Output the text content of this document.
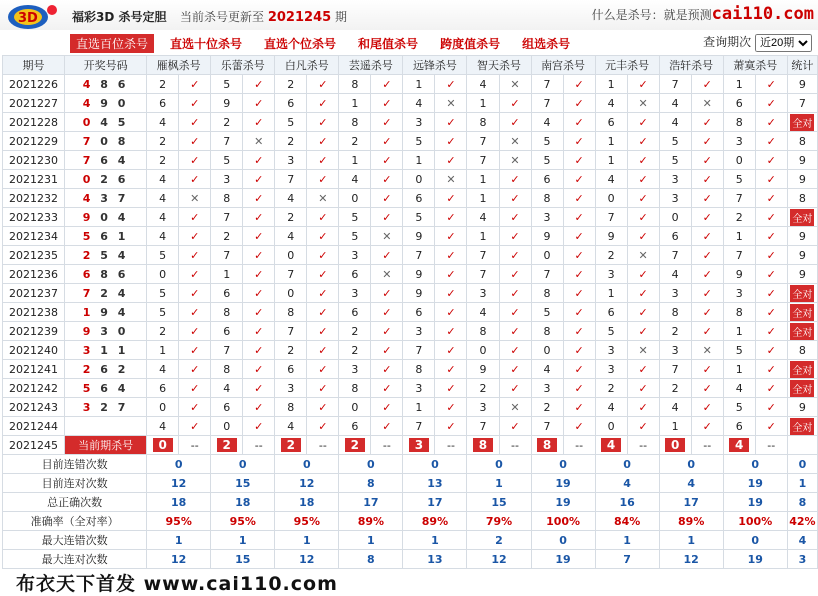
3D	福彩3D 杀号定胆 当前杀号更新至 2021245 期	什么是杀号：就是预测cai110.com
直选百位杀号 直选十位杀号 直选个位杀号 和尾值杀号 跨度值杀号 组选杀号	查询期次
近20期
期号	开奖号码	雁枫杀号		乐蕾杀号		白凡杀号		芸遥杀号		远锋杀号		智天杀号		南宫杀号		元丰杀号		浩轩杀号		萧寞杀号		统计
2021226	4 8 6	2	✓	5	✓	2	✓	8	✓	1	✓	4	✕	7	✓	1	✓	7	✓	1	✓	9
2021227	4 9 0	6	✓	9	✓	6	✓	1	✓	4	✕	1	✓	7	✓	4	✕	4	✕	6	✓	7
2021228	0 4 5	4	✓	2	✓	5	✓	8	✓	3	✓	8	✓	4	✓	6	✓	4	✓	8	✓	全对
2021229	7 0 8	2	✓	7	✕	2	✓	2	✓	5	✓	7	✕	5	✓	1	✓	5	✓	3	✓	8
2021230	7 6 4	2	✓	5	✓	3	✓	1	✓	1	✓	7	✕	5	✓	1	✓	5	✓	0	✓	9
2021231	0 2 6	4	✓	3	✓	7	✓	4	✓	0	✕	1	✓	6	✓	4	✓	3	✓	5	✓	9
2021232	4 3 7	4	✕	8	✓	4	✕	0	✓	6	✓	1	✓	8	✓	0	✓	3	✓	7	✓	8
2021233	9 0 4	4	✓	7	✓	2	✓	5	✓	5	✓	4	✓	3	✓	7	✓	0	✓	2	✓	全对
2021234	5 6 1	4	✓	2	✓	4	✓	5	✕	9	✓	1	✓	9	✓	9	✓	6	✓	1	✓	9
2021235	2 5 4	5	✓	7	✓	0	✓	3	✓	7	✓	7	✓	0	✓	2	✕	7	✓	7	✓	9
2021236	6 8 6	0	✓	1	✓	7	✓	6	✕	9	✓	7	✓	7	✓	3	✓	4	✓	9	✓	9
2021237	7 2 4	5	✓	6	✓	0	✓	3	✓	9	✓	3	✓	8	✓	1	✓	3	✓	3	✓	全对
2021238	1 9 4	5	✓	8	✓	8	✓	6	✓	6	✓	4	✓	5	✓	6	✓	8	✓	8	✓	全对
2021239	9 3 0	2	✓	6	✓	7	✓	2	✓	3	✓	8	✓	8	✓	5	✓	2	✓	1	✓	全对
2021240	3 1 1	1	✓	7	✓	2	✓	2	✓	7	✓	0	✓	0	✓	3	✕	3	✕	5	✓	8
2021241	2 6 2	4	✓	8	✓	6	✓	3	✓	8	✓	9	✓	4	✓	3	✓	7	✓	1	✓	全对
2021242	5 6 4	6	✓	4	✓	3	✓	8	✓	3	✓	2	✓	3	✓	2	✓	2	✓	4	✓	全对
2021243	3 2 7	0	✓	6	✓	8	✓	0	✓	1	✓	3	✕	2	✓	4	✓	4	✓	5	✓	9
2021244		4	✓	0	✓	4	✓	6	✓	7	✓	7	✓	7	✓	0	✓	1	✓	6	✓	全对
2021245	当前期杀号	0	--	2	--	2	--	2	--	3	--	8	--	8	--	4	--	0	--	4	--	
目前连错次数		0		0		0		0		0		0		0		0		0		0		0
目前连对次数		12		15		12		8		13		1		19		4		4		19		1
总正确次数		18		18		18		17		17		15		19		16		17		19		8
准确率（全对率）		95%		95%		95%		89%		89%		79%		100%		84%		89%		100%		42%
最大连错次数		1		1		1		1		1		2		0		1		1		0		4
最大连对次数		12		15		12		8		13		12		19		7		12		19		3
布衣天下首发 www.cai110.com
